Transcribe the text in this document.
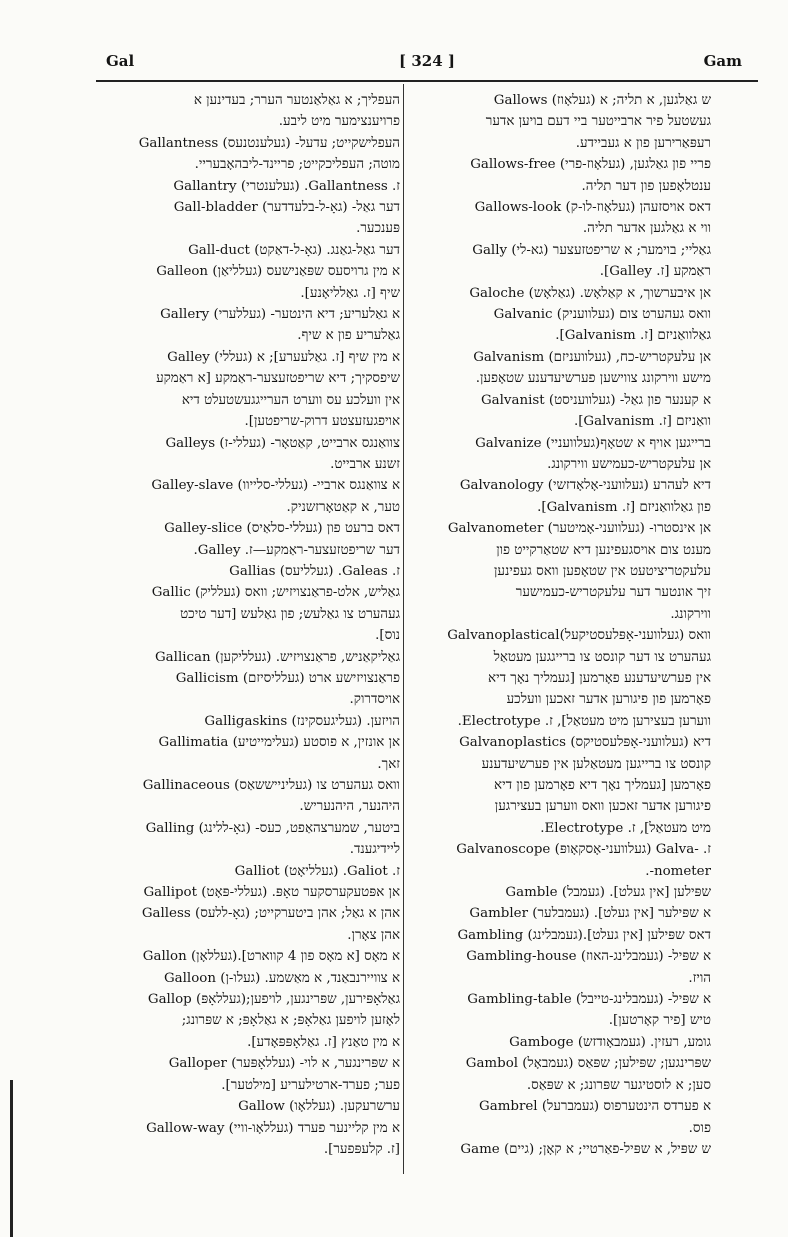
Gal	[ 324 ]	Gam
ש גאַלגען, א תליה; א (געלאָוז) Gallows
געשטעל פיר ארבייטער ביי דעם בויען אדער
רעפּאַרירען פון א געביידע.
פריי פון גאַלגען, (געלאָוז-פרי) Gallows-free
ענטלאָפען פון דער תליה.
דאס אויסזעהן (געלאָוז-לו-ק) Gallows-look
ווי א גאַלגען אדער תליה.
גאַליי; בוימער; א שריפטזעצער (גא-לי) Gally
ראַמקע [ז. Galley].
אן איבערשוך, א קאַלאָש. (גאַלאָש) Galoche
וואס געהערט צום (געלוועניק) Galvanic
גאַלוואַניזם [ז. Galvanism].
אן עלעקטריש-כח, (געלוועניזם) Galvanism
מישע ווירקונג צווישען פערשיעדענע שטאָפען.
א קענער פון גאַל- (געלוועניסט) Galvanist
וואַניזם [ז. Galvanism].
ברייגען אויף א שטאָף(געלוועניי) Galvanize
אן עלעקטריש-כעמישע ווירקונג.
דיא לעהרע (געלוועני-אָלאָדזשי) Galvanology
פון גאַלוואַניזם [ז. Galvanism].
אן אינסטרו- (געלוועני-אָמיטער) Galvanometer
מענט צום אויסגעפינען דיא שטאַרקייט פון
עלעקטריציטעט אין שטאָפען וואס געפינען
זיך אונטער דער עלעקטריש-כעמישער
ווירקונג.
וואס (געלוועני-אָפּלעסטיקעל)Galvanoplastical
געהערט צו דער קונסט צו ברייגגען מעטאַל
אין פערשיעדענע פאָרמען [געמליך נאָך דיא
פאָרמען פון פיגורען אדער זאכען וועלכע
ווערען בעצירען מיט מעטאַל], ז. Electrotype.
דיא (געלוועני-אָפּלעסטיקס) Galvanoplastics
קונסט צו ברייגען מעטאַלען אין פערשיעדענע
פאָרמען [געמליך נאָך דיא פאָרמען פון דיא
פיגורען אדער זאכען וואס ווערען בעצירגען
מיט מעטאַל], ז. Electrotype.
ז. -Galva (געלוועני-אָסקאָופּ) Galvanoscope
nometer-.
שפּילען [אין געלט]. (געמבל) Gamble
א שפּילער [אין געלט]. (געמבלער) Gambler
דאס שפּילען [אין געלט].(געמבלינג) Gambling
א שפּיל- (געמבלינג-האוז) Gambling-house
הויז.
א שפּיל- (געמבלינג-טייבל) Gambling-table
טיש [פיר קאָרטען].
גומע, רעזין. (געמבאָודזש) Gamboge
שפּרינגען; שפּילען; שפּאַס (געמבאָל) Gambol
סען; א לוסטיגער שפּרונג; א שפּאַס.
א פערדס הינטערפוס (געמברעל) Gambrel
פוס.
ש שפּיל, א שפּיל-פאַרטיי; א קאָן; (גיים) Game
העפליך; א גאַלאַנטער הערר; בעדינען א
פרויענצימער מיט ליבע.
העפלישקייט; עדעל- (געלענטנעס) Gallantness
מוטה; העפליכקייט; פריינד-ליבהאָבעריי.
ז. Gallantness. (געלענטרי) Gallantry
דער גאַל- (גאָ-ל-בלעדדער) Gall-bladder
פּענכער.
דער גאַל-גאַנג. (גאָ-ל-דאַקט) Gall-duct
א מין גרויסעס שפּאַנישעס (געלליאַן) Galleon
שיף [ז. גאַלליאָנע].
א גאַלעריע; דיא הינטער- (געללערי) Gallery
גאַלעריע פון א שיף.
א מין שיף [ז. גאַלעערע]; א (געללי) Galley
שיפסקיך; דיא שריפטזעצער-ראַמקע [א ראַמקע
אין וועלכע עס ווערט הערייגגעשטעלט דיא
אויפגעזעצטע דרוק-שריפטען].
צוואַנגס ארבייט, קאַטאָר- (געללי-ז) Galleys
זשנע ארבייט.
א צוואַנגס ארביי- (געללי-סלייוו) Galley-slave
טער, א קאַטאָרזשניק.
דאס ברעט פון (געללי-סלאַיס) Galley-slice
דער שריפטזעצער-ראַמקע—ז. Galley.
ז. Galeas. (געלליעס) Gallias
גאַליש, אלט-פראַנצויזיש; וואס (געלליק) Gallic
געהערט צו גאַלעש; פון גאַלעש [דער טיכט
נוס].
גאַליקאַניש, פראַנצויזיש. (געלליקען) Gallican
פראַנצויזישע ארט (געלליסיזם) Gallicism
אויסדרוק.
הויזען. (געליגעסקינז) Galligaskins
אן אונזין, א פוסטע (געלימייטיע) Gallimatia
זאך.
וואס געהערט צו (געלינייששאַס) Gallinaceous
היהנער, היהנעריש.
ביטער, שמערצהאַפט, כעס- (גאָ-ללינג) Galling
ליידיגענד.
ז. Galiot. (געלליאָט) Galliot
אן אפּטעקערסקער טאָפּ. (געללי-פּאָט) Gallipot
אהן א גאַל; אהן ביטערקייט; (גאָ-ללעס) Galless
אהן צאָרן.
א מאָס [א מאָס פון 4 קווארט].(געללאָן) Gallon
א צוויירנבאַנד, א מאַשמע. (געלו-ן) Galloon
גאַלאָפּירען, שפּרינגען, לויפען;(געללאָפּ) Gallop
לאָזען לויפען גאַלאָפּ; א גאַלאָפּ; א שפּרונג;
א מין טאַנץ [ז. גאַלאָפּפּאָדע].
א שפּרינגער, א לוי- (געללאָפּער) Galloper
פער; פערד-ארטילעריע [מילטער].
ערשרעקען. (געללאָו) Gallow
א מין קליינער פערד (געללאָו-וויי) Gallow-way
[ז. קלעפּפער].
